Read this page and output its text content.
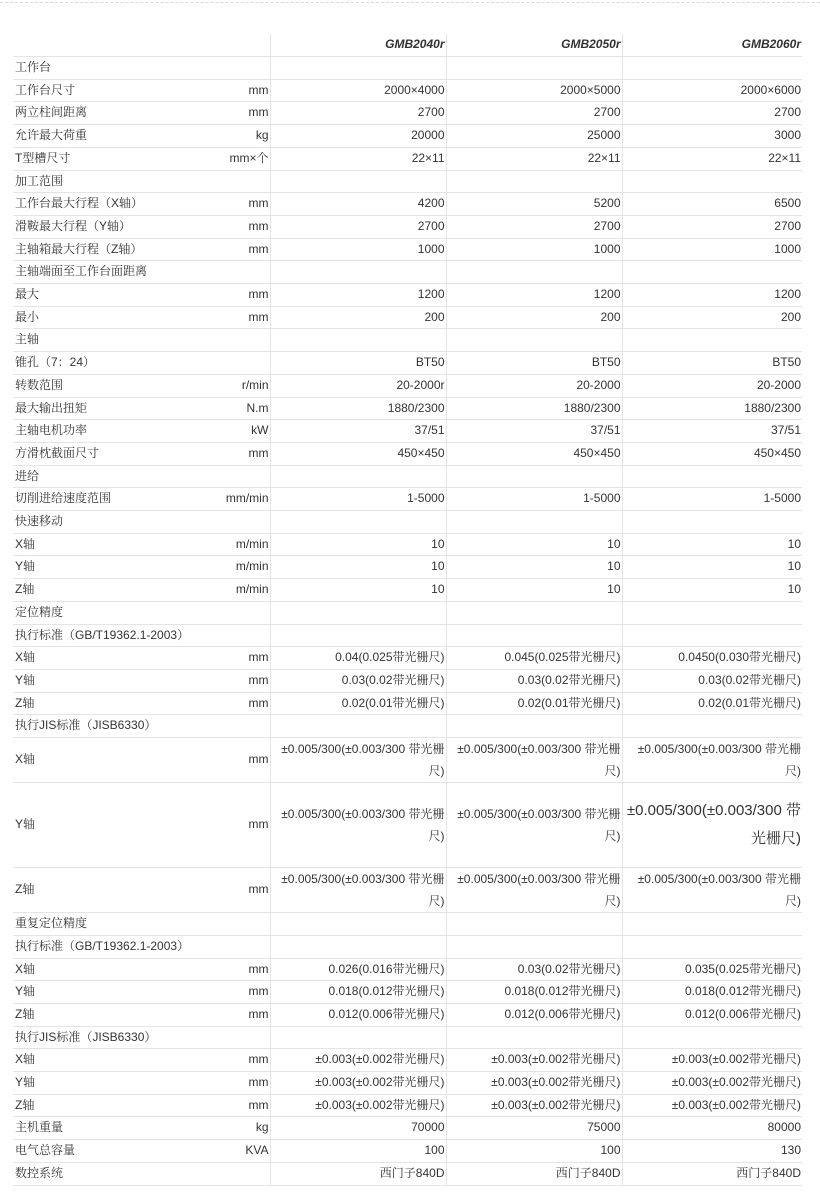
		GMB2040r	GMB2050r	GMB2060r
工作台				
工作台尺寸	mm	2000×4000	2000×5000	2000×6000
两立柱间距离	mm	2700	2700	2700
允许最大荷重	kg	20000	25000	3000
T型槽尺寸	mm×个	22×11	22×11	22×11
加工范围				
工作台最大行程（X轴）	mm	4200	5200	6500
滑鞍最大行程（Y轴）	mm	2700	2700	2700
主轴箱最大行程（Z轴）	mm	1000	1000	1000
主轴端面至工作台面距离				
最大	mm	1200	1200	1200
最小	mm	200	200	200
主轴				
锥孔（7：24）		BT50	BT50	BT50
转数范围	r/min	20-2000r	20-2000	20-2000
最大输出扭矩	N.m	1880/2300	1880/2300	1880/2300
主轴电机功率	kW	37/51	37/51	37/51
方滑枕截面尺寸	mm	450×450	450×450	450×450
进给				
切削进给速度范围	mm/min	1-5000	1-5000	1-5000
快速移动				
X轴	m/min	10	10	10
Y轴	m/min	10	10	10
Z轴	m/min	10	10	10
定位精度				
执行标准（GB/T19362.1-2003）				
X轴	mm	0.04(0.025带光栅尺)	0.045(0.025带光栅尺)	0.0450(0.030带光栅尺)
Y轴	mm	0.03(0.02带光栅尺)	0.03(0.02带光栅尺)	0.03(0.02带光栅尺)
Z轴	mm	0.02(0.01带光栅尺)	0.02(0.01带光栅尺)	0.02(0.01带光栅尺)
执行JIS标准（JISB6330）				
X轴	mm	±0.005/300(±0.003/300 带光栅尺)	±0.005/300(±0.003/300 带光栅尺)	±0.005/300(±0.003/300 带光栅尺)
Y轴	mm	±0.005/300(±0.003/300 带光栅尺)	±0.005/300(±0.003/300 带光栅尺)	±0.005/300(±0.003/300 带光栅尺)
Z轴	mm	±0.005/300(±0.003/300 带光栅尺)	±0.005/300(±0.003/300 带光栅尺)	±0.005/300(±0.003/300 带光栅尺)
重复定位精度				
执行标准（GB/T19362.1-2003）				
X轴	mm	0.026(0.016带光栅尺)	0.03(0.02带光栅尺)	0.035(0.025带光栅尺)
Y轴	mm	0.018(0.012带光栅尺)	0.018(0.012带光栅尺)	0.018(0.012带光栅尺)
Z轴	mm	0.012(0.006带光栅尺)	0.012(0.006带光栅尺)	0.012(0.006带光栅尺)
执行JIS标准（JISB6330）				
X轴	mm	±0.003(±0.002带光栅尺)	±0.003(±0.002带光栅尺)	±0.003(±0.002带光栅尺)
Y轴	mm	±0.003(±0.002带光栅尺)	±0.003(±0.002带光栅尺)	±0.003(±0.002带光栅尺)
Z轴	mm	±0.003(±0.002带光栅尺)	±0.003(±0.002带光栅尺)	±0.003(±0.002带光栅尺)
主机重量	kg	70000	75000	80000
电气总容量	KVA	100	100	130
数控系统		西门子840D	西门子840D	西门子840D
